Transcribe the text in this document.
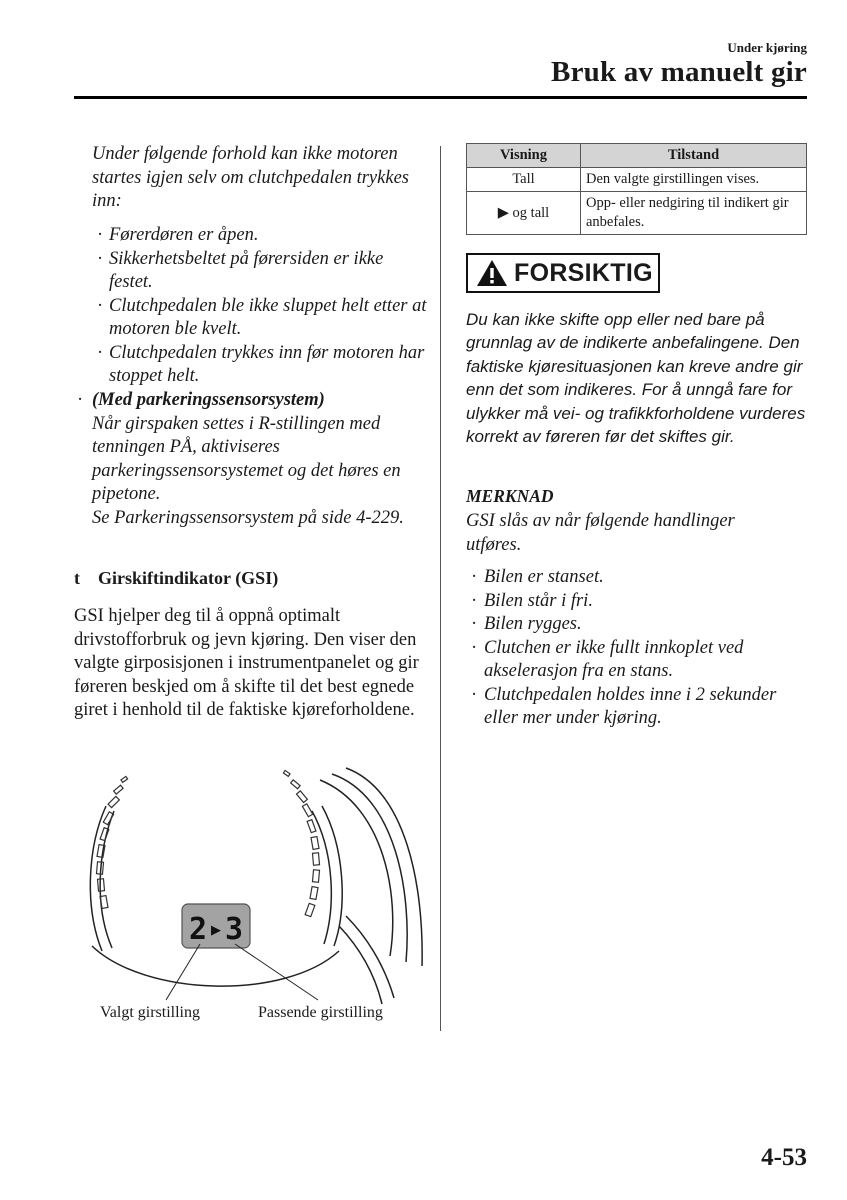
Under kjøring
Bruk av manuelt gir
Under følgende forhold kan ikke motoren startes igjen selv om clutchpedalen trykkes inn:
· Førerdøren er åpen.
· Sikkerhetsbeltet på førersiden er ikke festet.
· Clutchpedalen ble ikke sluppet helt etter at motoren ble kvelt.
· Clutchpedalen trykkes inn før motoren har stoppet helt.
· (Med parkeringssensorsystem)
Når girspaken settes i R-stillingen med tenningen PÅ, aktiviseres parkeringssensorsystemet og det høres en pipetone.
Se Parkeringssensorsystem på side 4-229.
t Girskiftindikator (GSI)
GSI hjelper deg til å oppnå optimalt drivstofforbruk og jevn kjøring. Den viser den valgte girposisjonen i instrumentpanelet og gir føreren beskjed om å skifte til det best egnede giret i henhold til de faktiske kjøreforholdene.
2 ▶ 3
Valgt girstilling	Passende girstilling
Visning	Tilstand
Tall	Den valgte girstillingen vises.
▶ og tall	Opp- eller nedgiring til indikert gir anbefales.
FORSIKTIG
Du kan ikke skifte opp eller ned bare på grunnlag av de indikerte anbefalingene. Den faktiske kjøresituasjonen kan kreve andre gir enn det som indikeres. For å unngå fare for ulykker må vei- og trafikkforholdene vurderes korrekt av føreren før det skiftes gir.
MERKNAD
GSI slås av når følgende handlinger utføres.
· Bilen er stanset.
· Bilen står i fri.
· Bilen rygges.
· Clutchen er ikke fullt innkoplet ved akselerasjon fra en stans.
· Clutchpedalen holdes inne i 2 sekunder eller mer under kjøring.
4-53
